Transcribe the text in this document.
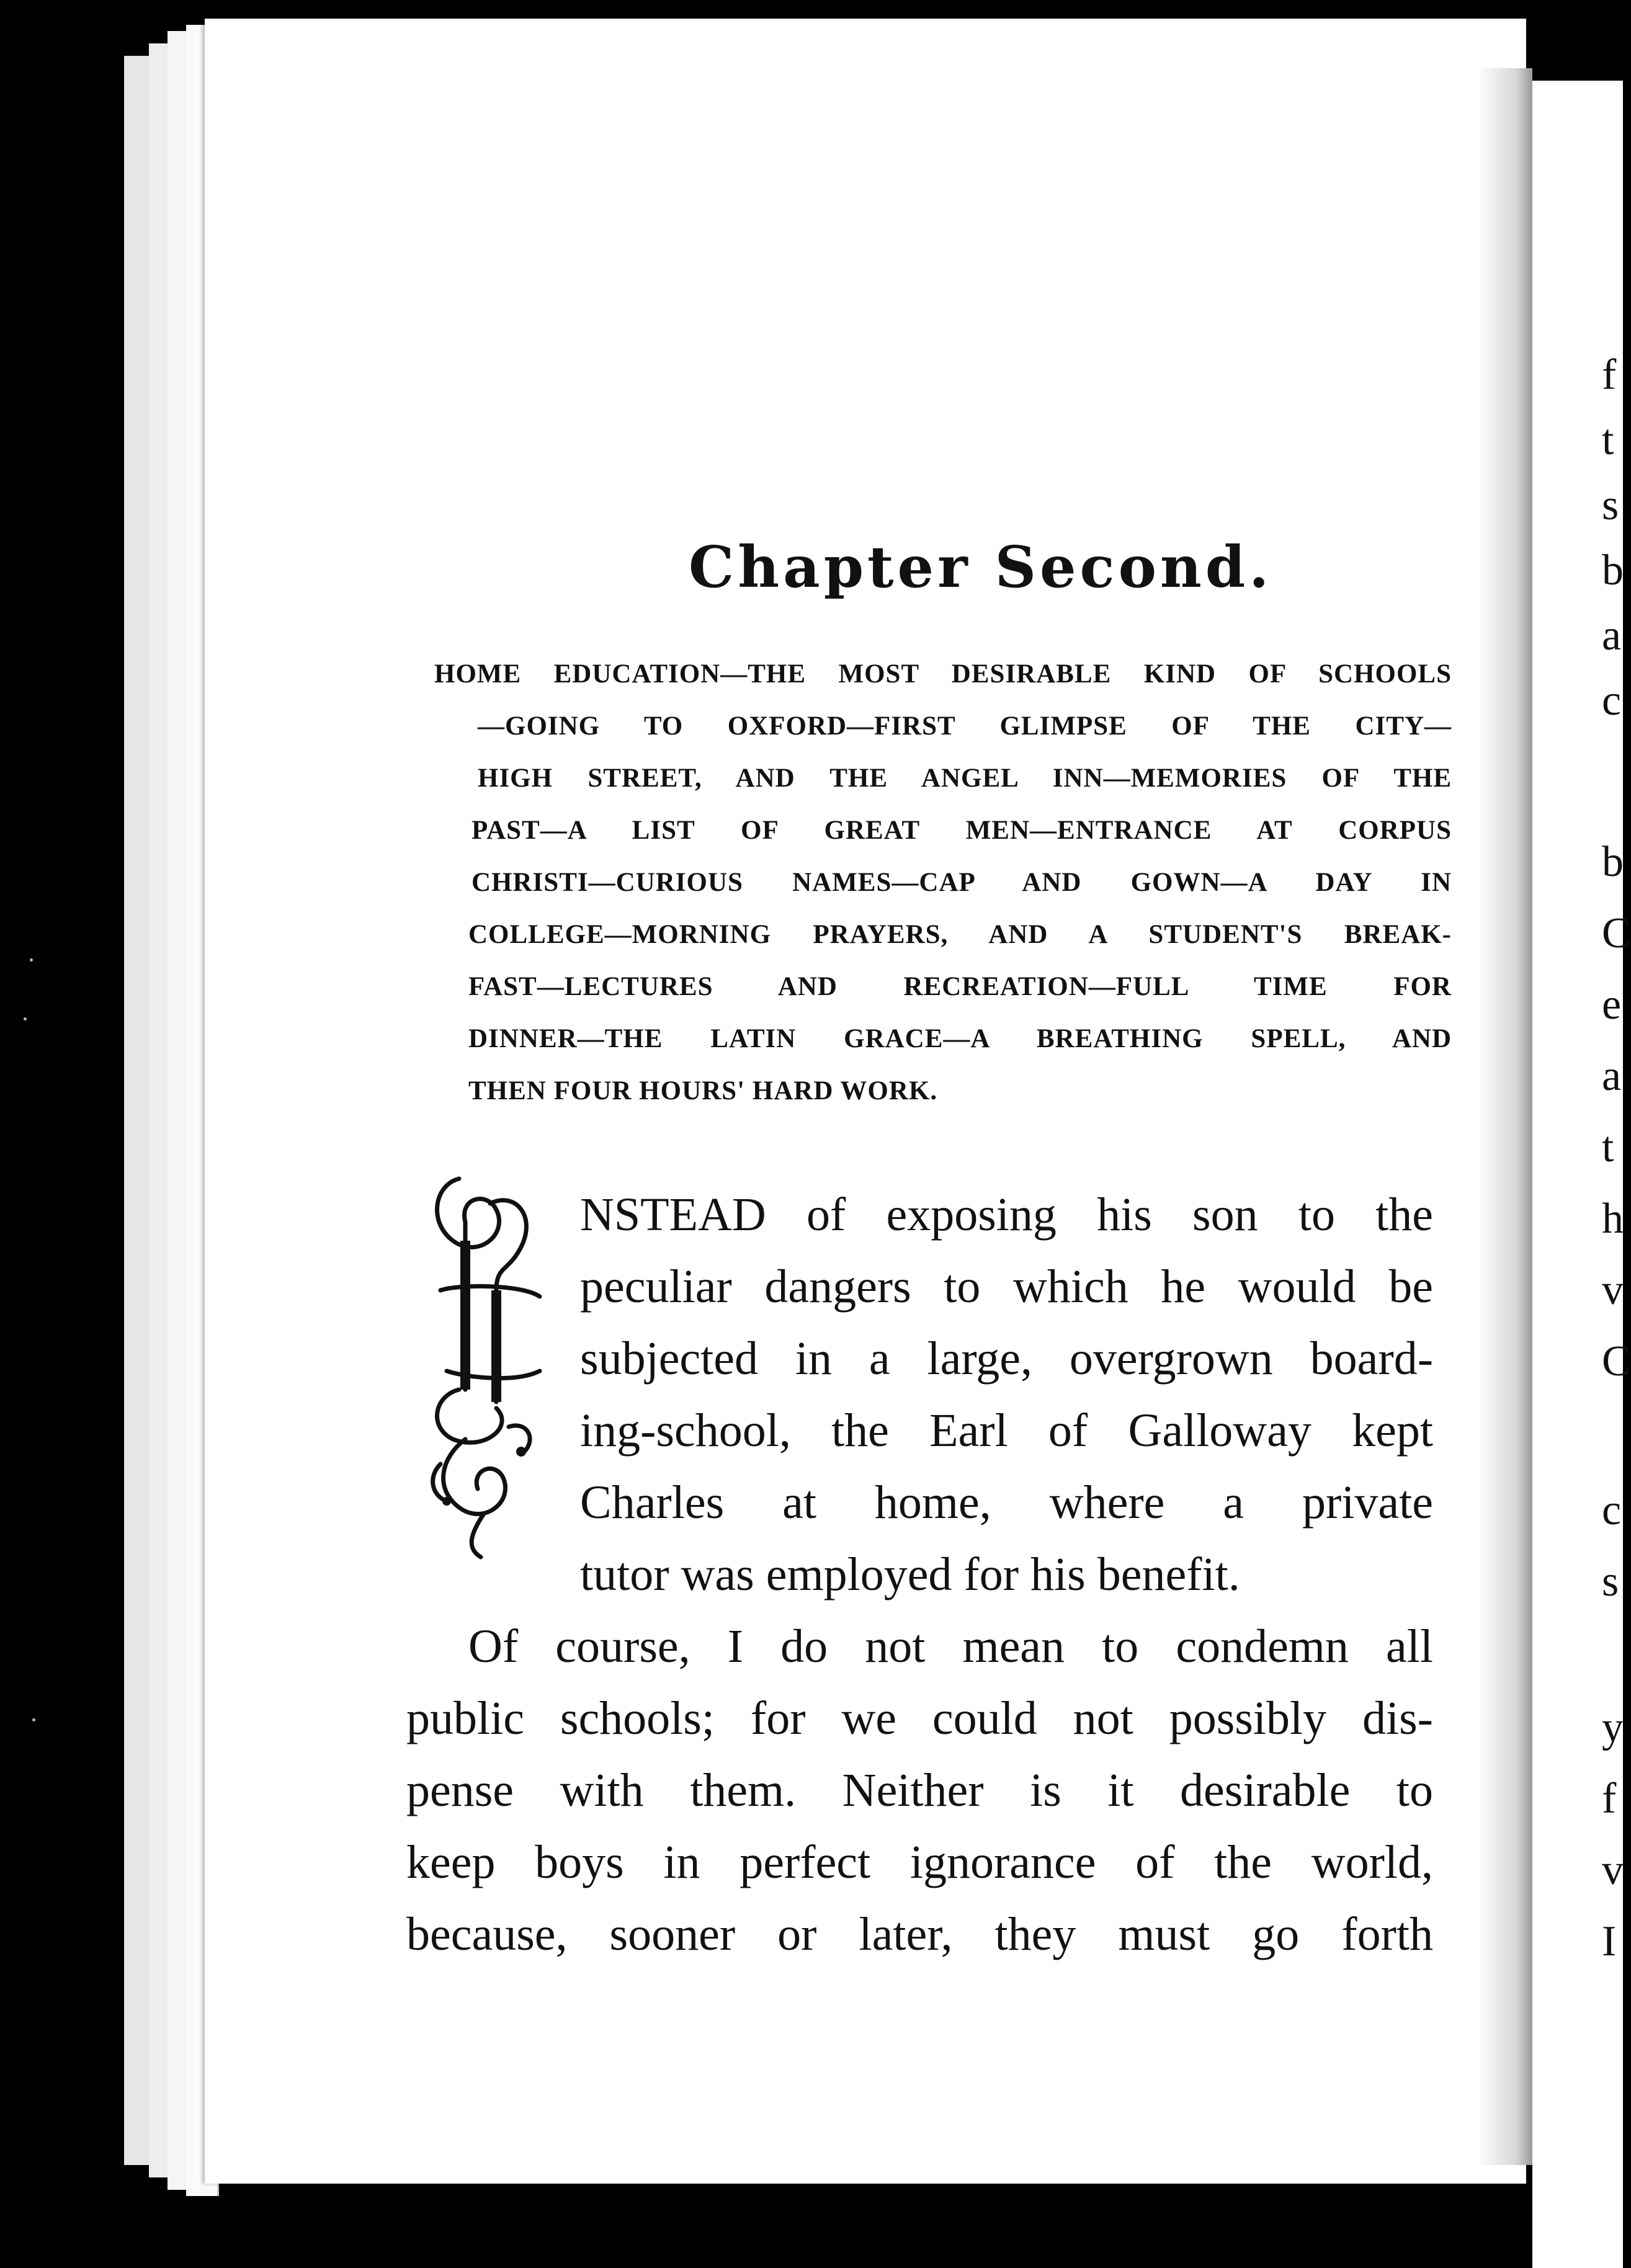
f
t
s
b
a
c
b
C
e
a
t
h
v
C
c
s
y
f
v
I
Chapter Second.
HOME EDUCATION—THE MOST DESIRABLE KIND OF SCHOOLS
—GOING TO OXFORD—FIRST GLIMPSE OF THE CITY—
HIGH STREET, AND THE ANGEL INN—MEMORIES OF THE
PAST—A LIST OF GREAT MEN—ENTRANCE AT CORPUS
CHRISTI—CURIOUS NAMES—CAP AND GOWN—A DAY IN
COLLEGE—MORNING PRAYERS, AND A STUDENT'S BREAK-
FAST—LECTURES AND RECREATION—FULL TIME FOR
DINNER—THE LATIN GRACE—A BREATHING SPELL, AND
THEN FOUR HOURS' HARD WORK.
NSTEAD of exposing his son to the
peculiar dangers to which he would be
subjected in a large, overgrown board-
ing-school, the Earl of Galloway kept
Charles at home, where a private
tutor was employed for his benefit.
Of course, I do not mean to condemn all
public schools; for we could not possibly dis-
pense with them. Neither is it desirable to
keep boys in perfect ignorance of the world,
because, sooner or later, they must go forth
